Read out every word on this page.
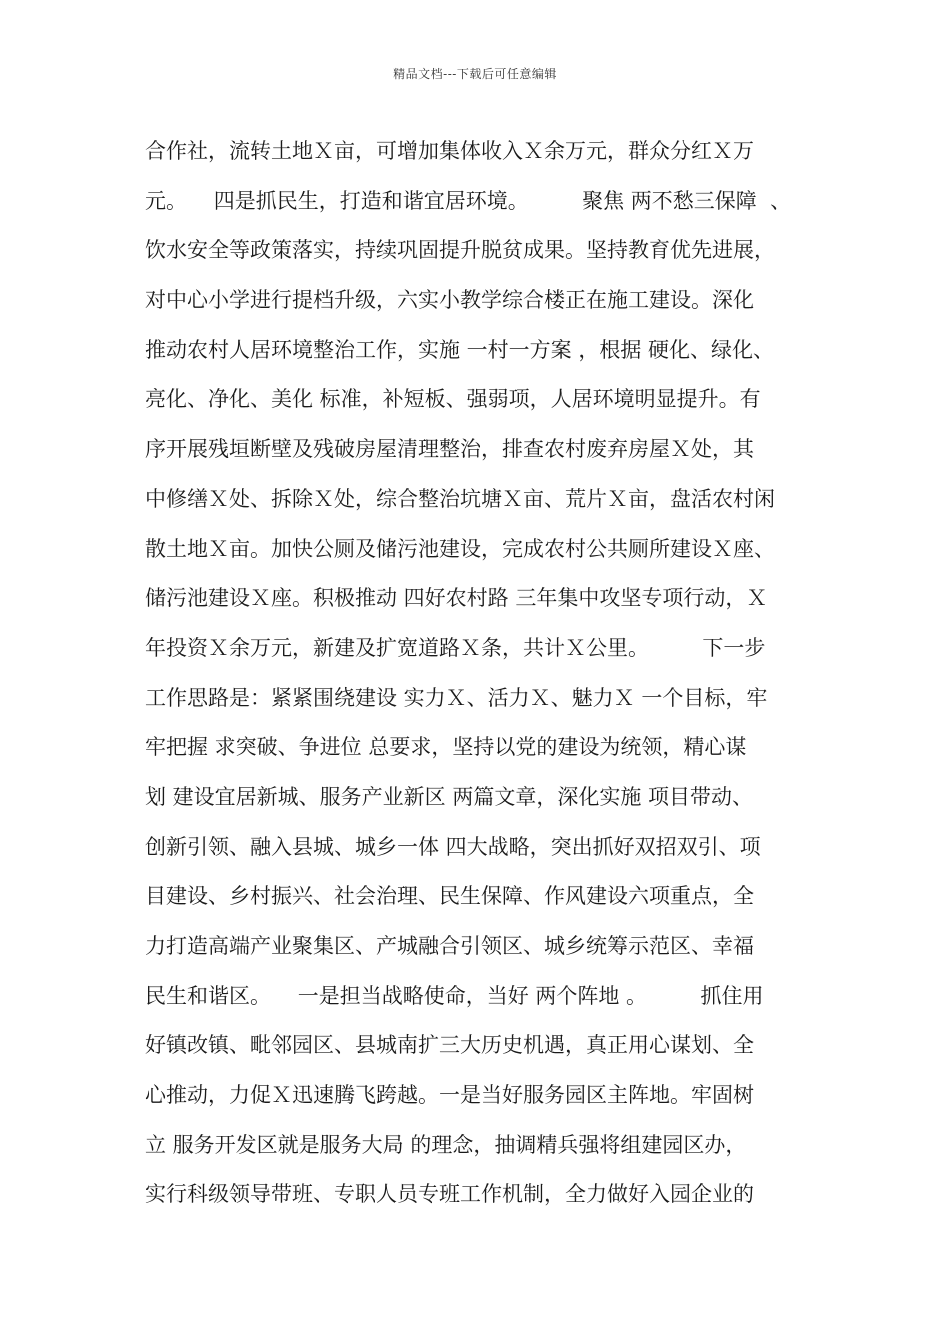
精品文档---下载后可任意编辑
合作社，流转土地Ｘ亩，可增加集体收入Ｘ余万元，群众分红Ｘ万
元。    四是抓民生，打造和谐宜居环境。        聚焦 两不愁三保障  、
饮水安全等政策落实，持续巩固提升脱贫成果。坚持教育优先进展，
对中心小学进行提档升级，六实小教学综合楼正在施工建设。深化
推动农村人居环境整治工作，实施 一村一方案 ，根据 硬化、绿化、
亮化、净化、美化 标准，补短板、强弱项，人居环境明显提升。有
序开展残垣断壁及残破房屋清理整治，排查农村废弃房屋Ｘ处，其
中修缮Ｘ处、拆除Ｘ处，综合整治坑塘Ｘ亩、荒片Ｘ亩，盘活农村闲
散土地Ｘ亩。加快公厕及储污池建设，完成农村公共厕所建设Ｘ座、
储污池建设Ｘ座。积极推动 四好农村路 三年集中攻坚专项行动，Ｘ
年投资Ｘ余万元，新建及扩宽道路Ｘ条，共计Ｘ公里。        下一步
工作思路是：紧紧围绕建设 实力Ｘ、活力Ｘ、魅力Ｘ 一个目标，牢
牢把握 求突破、争进位 总要求，坚持以党的建设为统领，精心谋
划 建设宜居新城、服务产业新区 两篇文章，深化实施 项目带动、
创新引领、融入县城、城乡一体 四大战略，突出抓好双招双引、项
目建设、乡村振兴、社会治理、民生保障、作风建设六项重点，全
力打造高端产业聚集区、产城融合引领区、城乡统筹示范区、幸福
民生和谐区。    一是担当战略使命，当好 两个阵地 。        抓住用
好镇改镇、毗邻园区、县城南扩三大历史机遇，真正用心谋划、全
心推动，力促Ｘ迅速腾飞跨越。一是当好服务园区主阵地。牢固树
立 服务开发区就是服务大局 的理念，抽调精兵强将组建园区办，
实行科级领导带班、专职人员专班工作机制，全力做好入园企业的
